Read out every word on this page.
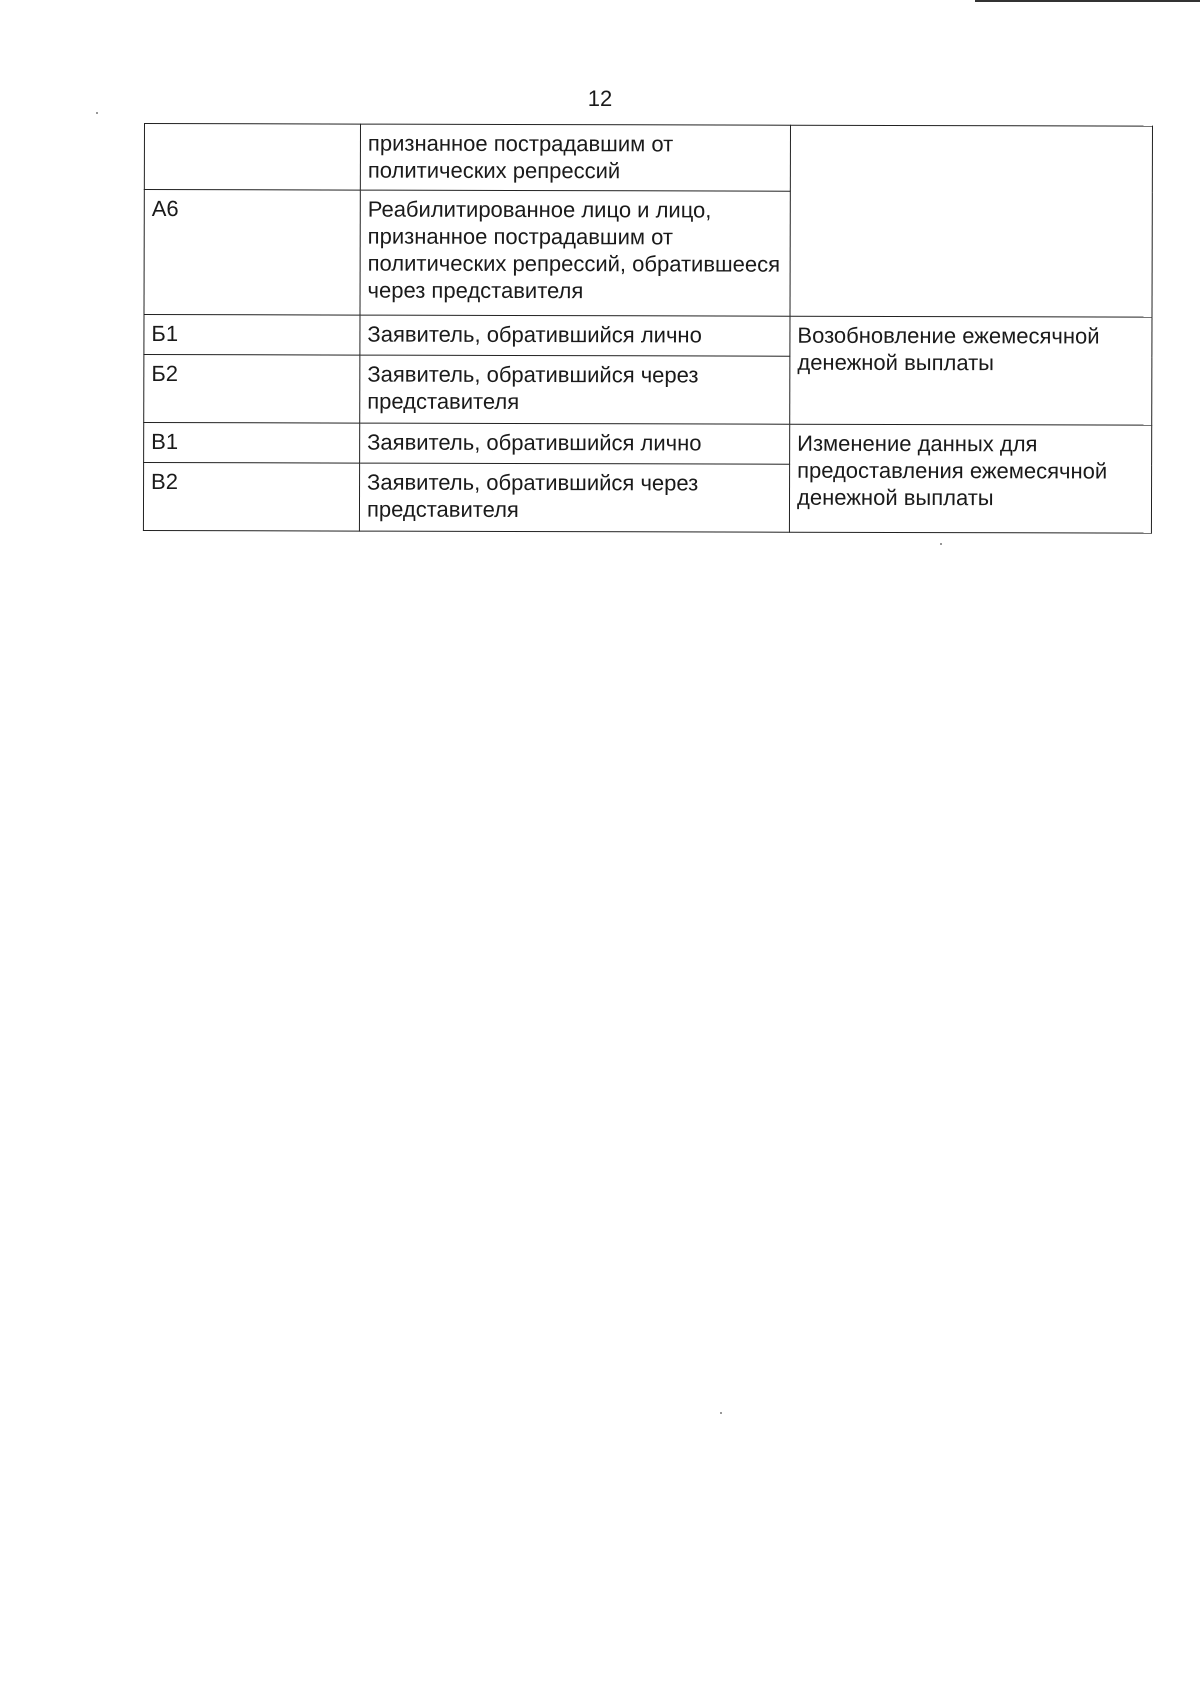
12
	признанное пострадавшим от политических репрессий	
А6	Реабилитированное лицо и лицо, признанное пострадавшим от политических репрессий, обратившееся через представителя	
Б1	Заявитель, обратившийся лично	Возобновление ежемесячной денежной выплаты
Б2	Заявитель, обратившийся через представителя	
В1	Заявитель, обратившийся лично	Изменение данных для предоставления ежемесячной денежной выплаты
В2	Заявитель, обратившийся через представителя	
